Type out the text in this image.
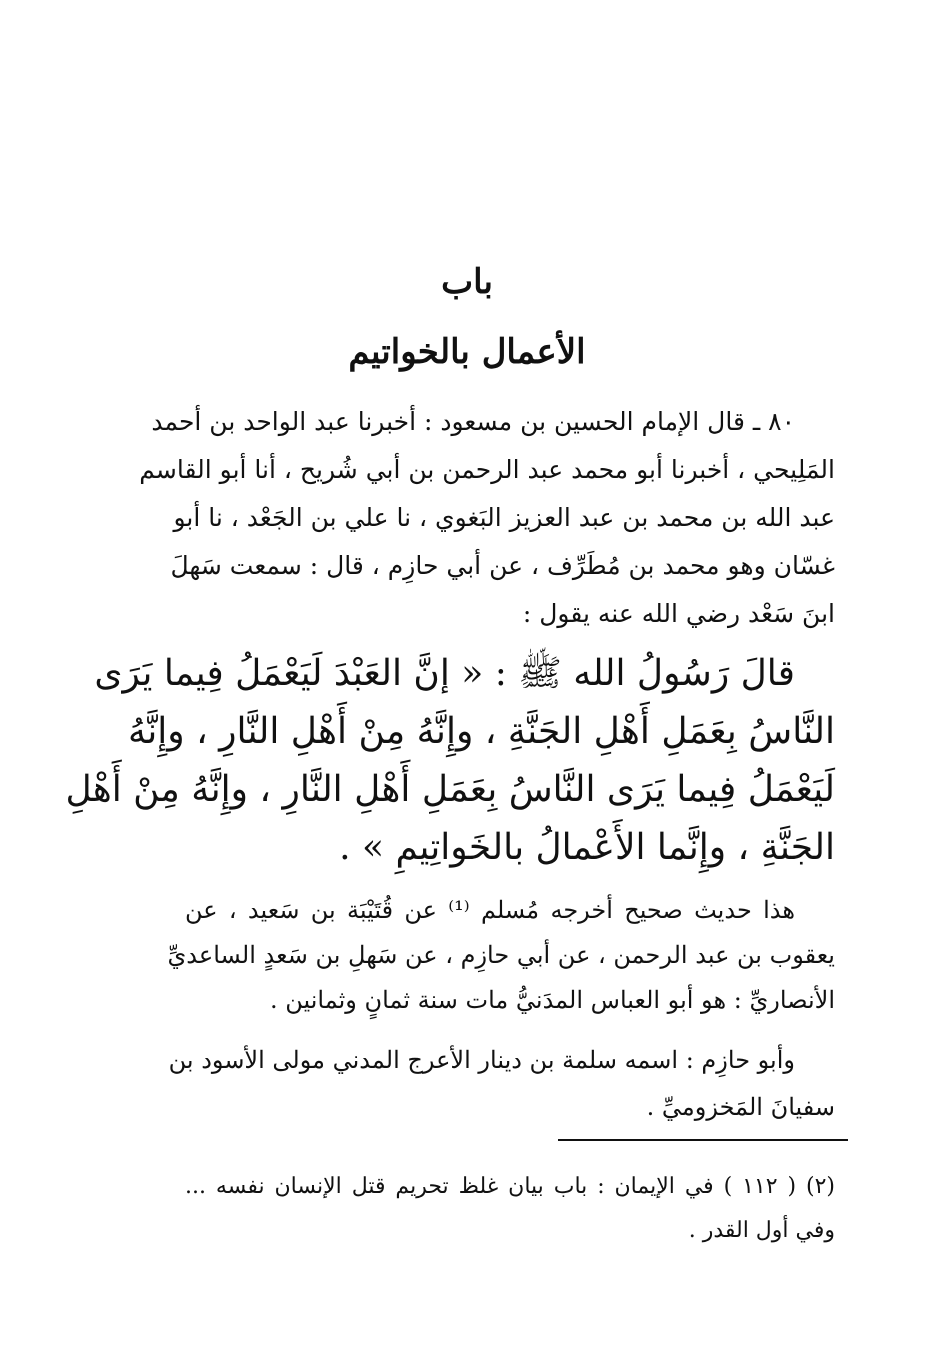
باب
الأعمال بالخواتيم
٨٠ ـ قال الإمام الحسين بن مسعود : أخبرنا عبد الواحد بن أحمد
المَلِيحي ، أخبرنا أبو محمد عبد الرحمن بن أبي شُريح ، أنا أبو القاسم
عبد الله بن محمد بن عبد العزيز البَغوي ، نا علي بن الجَعْد ، نا أبو
غسّان وهو محمد بن مُطَرِّف ، عن أبي حازِم ، قال : سمعت سَهلَ
ابنَ سَعْد رضي الله عنه يقول :
قالَ رَسُولُ الله ﷺ : « إنَّ العَبْدَ لَيَعْمَلُ فِيما يَرَى
النَّاسُ بِعَمَلِ أَهْلِ الجَنَّةِ ، وإِنَّهُ مِنْ أَهْلِ النَّارِ ، وإِنَّهُ
لَيَعْمَلُ فِيما يَرَى النَّاسُ بِعَمَلِ أَهْلِ النَّارِ ، وإِنَّهُ مِنْ أَهْلِ
الجَنَّةِ ، وإِنَّما الأَعْمالُ بالخَواتِيمِ » .
هذا حديث صحيح أخرجه مُسلم ⁽¹⁾ عن قُتَيْبَة بن سَعيد ، عن
يعقوب بن عبد الرحمن ، عن أبي حازِم ، عن سَهلِ بن سَعدٍ الساعديِّ
الأنصاريِّ : هو أبو العباس المدَنيُّ مات سنة ثمانٍ وثمانين .
وأبو حازِم : اسمه سلمة بن دينار الأعرج المدني مولى الأسود بن
سفيانَ المَخزوميِّ .
(٢) ( ١١٢ ) في الإيمان : باب بيان غلظ تحريم قتل الإنسان نفسه ...
وفي أول القدر .
